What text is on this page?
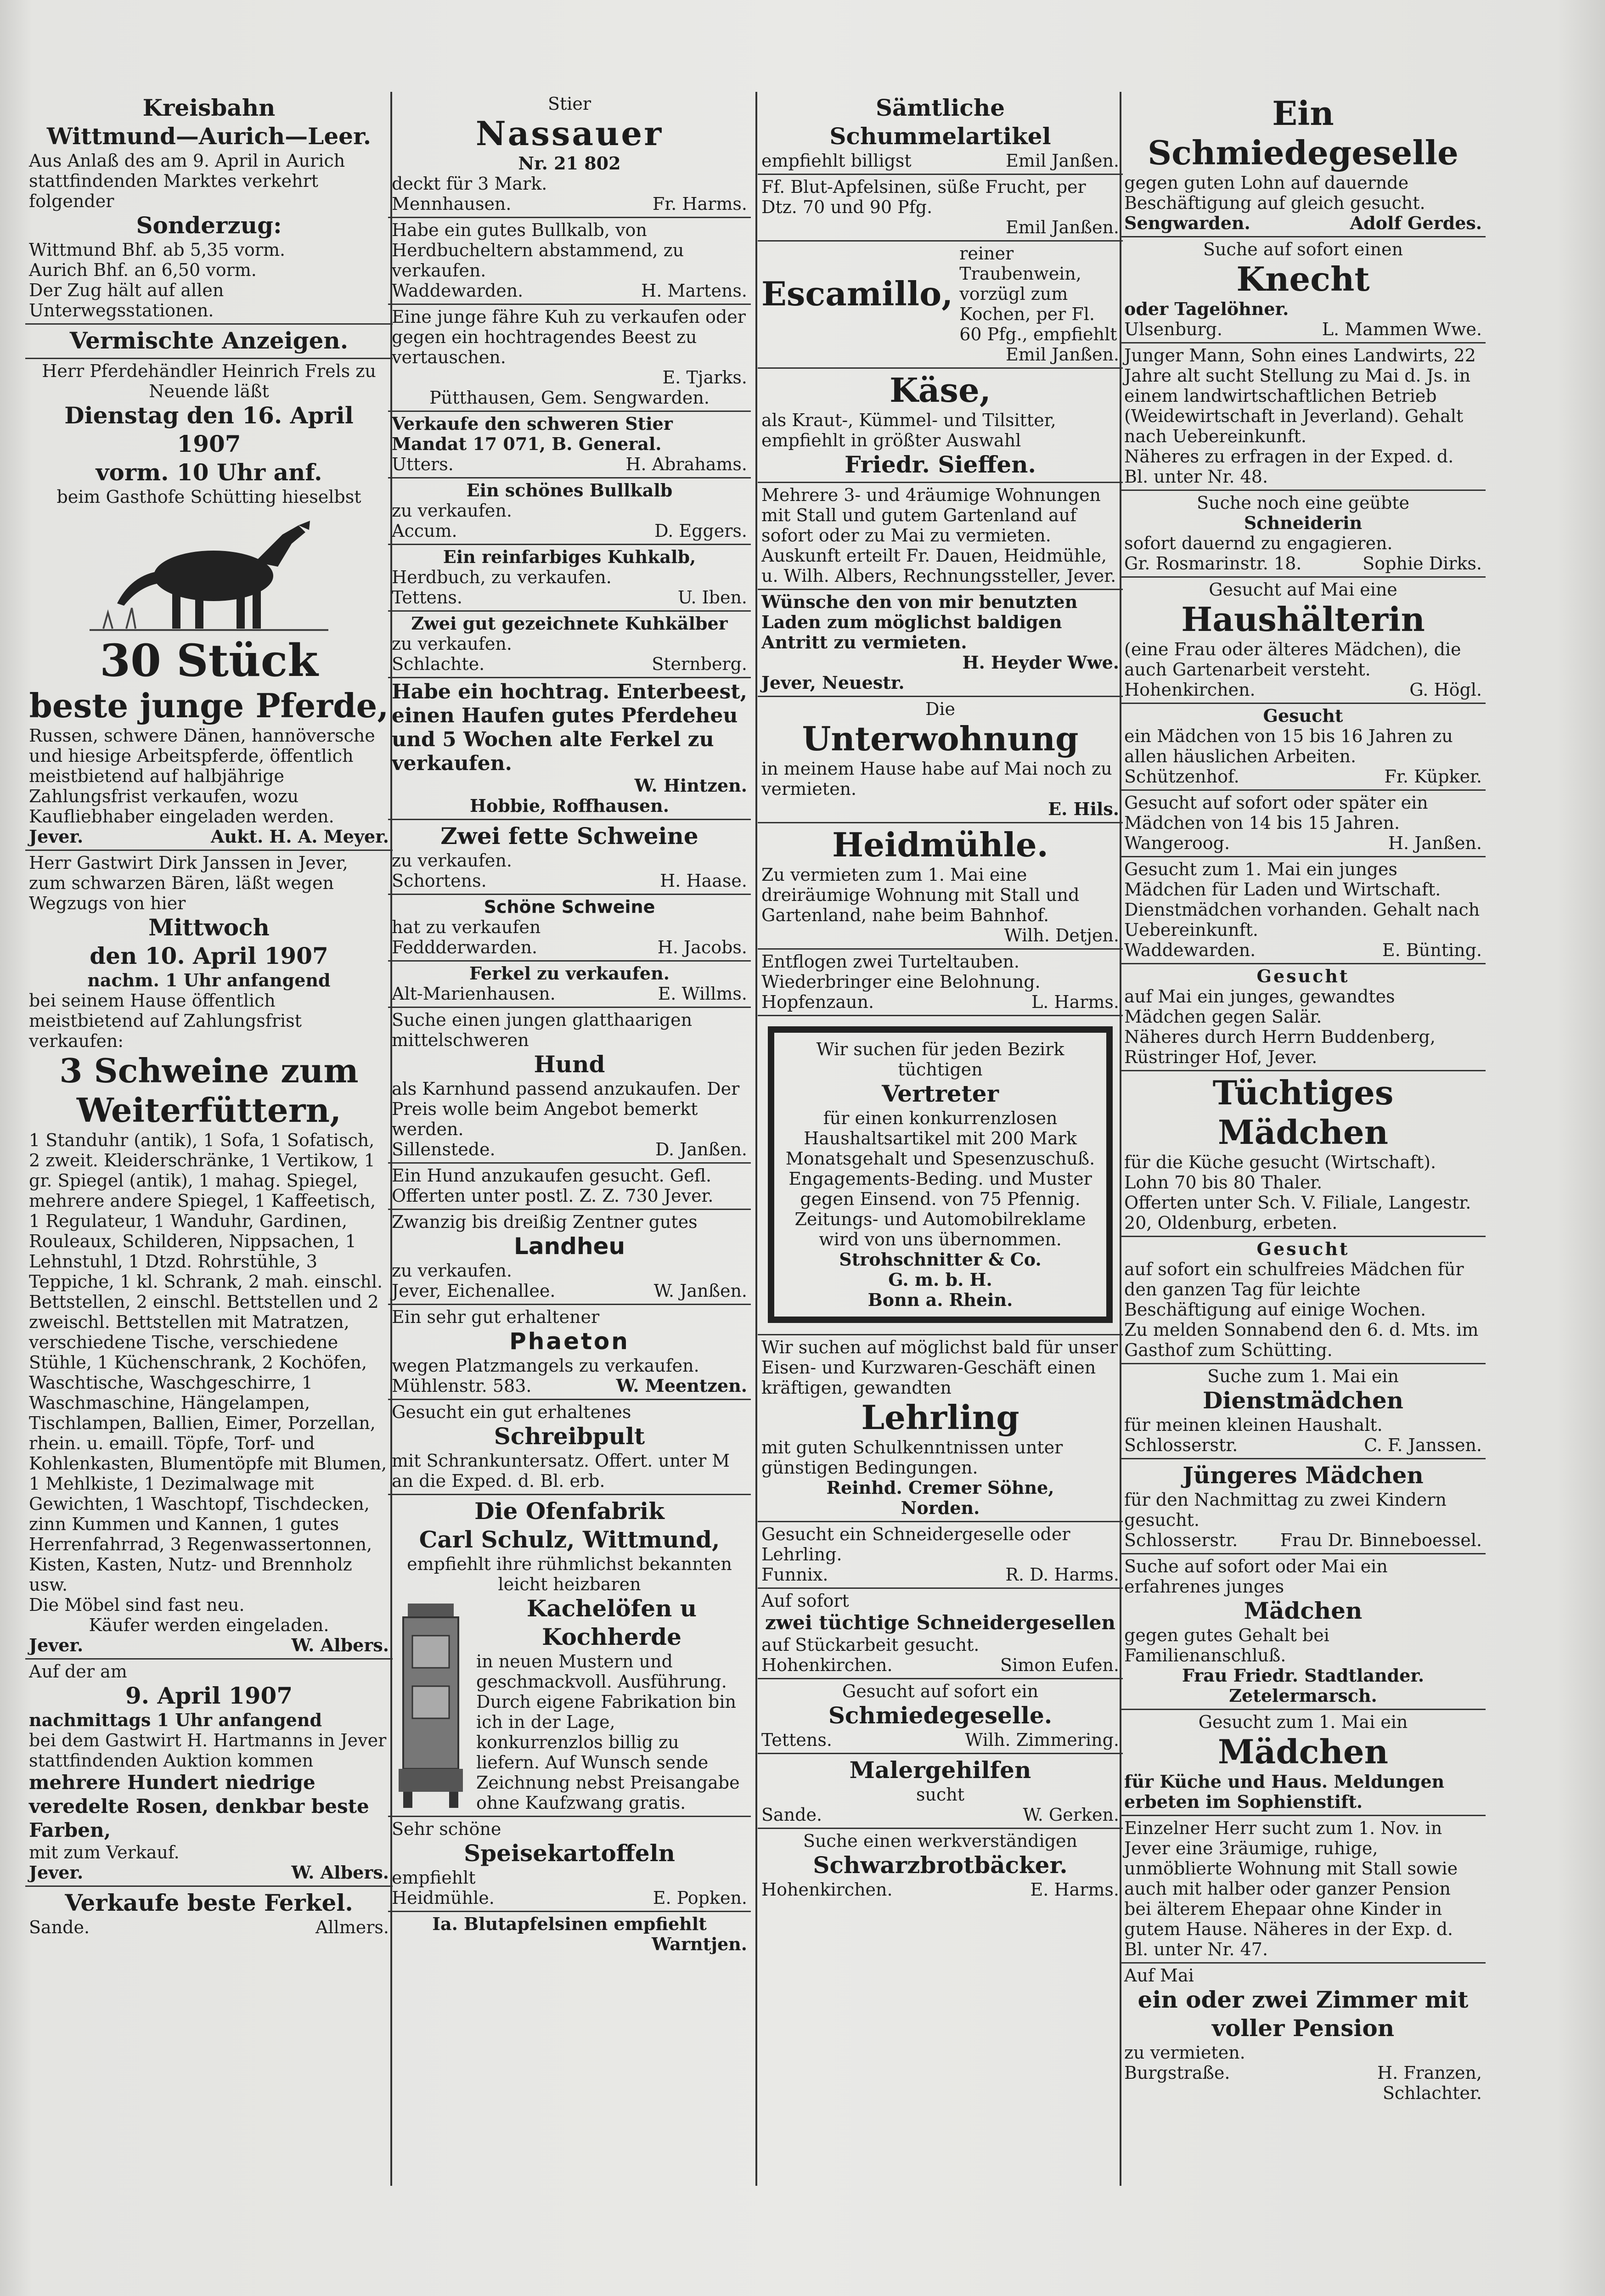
Kreisbahn
Wittmund—Aurich—Leer.

Aus Anlaß des am 9. April in Aurich stattfindenden Marktes verkehrt folgender

Sonderzug:

Wittmund Bhf. ab 5,35 vorm.

Aurich Bhf. an 6,50 vorm.

Der Zug hält auf allen Unterwegsstationen.

Vermischte Anzeigen.

Herr Pferdehändler Heinrich Frels zu Neuende läßt

Dienstag den 16. April
1907
vorm. 10 Uhr anf.

beim Gasthofe Schütting hieselbst

30 Stück
beste junge Pferde,

Russen, schwere Dänen, hannöversche und hiesige Arbeitspferde, öffentlich meistbietend auf halbjährige Zahlungsfrist verkaufen, wozu Kaufliebhaber eingeladen werden.

Jever.	Aukt. H. A. Meyer.

Herr Gastwirt Dirk Janssen in Jever, zum schwarzen Bären, läßt wegen Wegzugs von hier

Mittwoch
den 10. April 1907

nachm. 1 Uhr anfangend

bei seinem Hause öffentlich meistbietend auf Zahlungsfrist verkaufen:

3 Schweine zum Weiterfüttern,

1 Standuhr (antik), 1 Sofa, 1 Sofatisch, 2 zweit. Kleiderschränke, 1 Vertikow, 1 gr. Spiegel (antik), 1 mahag. Spiegel, mehrere andere Spiegel, 1 Kaffeetisch, 1 Regulateur, 1 Wanduhr, Gardinen, Rouleaux, Schilderen, Nippsachen, 1 Lehnstuhl, 1 Dtzd. Rohrstühle, 3 Teppiche, 1 kl. Schrank, 2 mah. einschl. Bettstellen, 2 einschl. Bettstellen und 2 zweischl. Bettstellen mit Matratzen, verschiedene Tische, verschiedene Stühle, 1 Küchenschrank, 2 Kochöfen, Waschtische, Waschgeschirre, 1 Waschmaschine, Hängelampen, Tischlampen, Ballien, Eimer, Porzellan, rhein. u. emaill. Töpfe, Torf- und Kohlenkasten, Blumentöpfe mit Blumen, 1 Mehlkiste, 1 Dezimalwage mit Gewichten, 1 Waschtopf, Tischdecken, zinn Kummen und Kannen, 1 gutes Herrenfahrrad, 3 Regenwassertonnen, Kisten, Kasten, Nutz- und Brennholz usw.

Die Möbel sind fast neu.

Käufer werden eingeladen.

Jever.	W. Albers.

Auf der am

9. April 1907

nachmittags 1 Uhr anfangend

bei dem Gastwirt H. Hartmanns in Jever stattfindenden Auktion kommen

mehrere Hundert niedrige veredelte Rosen, denkbar beste Farben,

mit zum Verkauf.

Jever.	W. Albers.
Verkaufe beste Ferkel.
Sande.	Allmers.

Stier

Nassauer

Nr. 21 802

deckt für 3 Mark.

Mennhausen.	Fr. Harms.

Habe ein gutes Bullkalb, von Herdbucheltern abstammend, zu verkaufen.

Waddewarden.	H. Martens.

Eine junge fähre Kuh zu verkaufen oder gegen ein hochtragendes Beest zu vertauschen.

E. Tjarks.

Pütthausen, Gem. Sengwarden.

Verkaufe den schweren Stier Mandat 17 071, B. General.

Utters.	H. Abrahams.

Ein schönes Bullkalb

zu verkaufen.

Accum.	D. Eggers.

Ein reinfarbiges Kuhkalb,

Herdbuch, zu verkaufen.

Tettens.	U. Iben.

Zwei gut gezeichnete Kuhkälber

zu verkaufen.

Schlachte.	Sternberg.

Habe ein hochtrag. Enterbeest, einen Haufen gutes Pferdeheu und 5 Wochen alte Ferkel zu verkaufen.

W. Hintzen.

Hobbie, Roffhausen.

Zwei fette Schweine

zu verkaufen.

Schortens.	H. Haase.

Schöne Schweine

hat zu verkaufen

Feddderwarden.	H. Jacobs.

Ferkel zu verkaufen.

Alt-Marienhausen.	E. Willms.

Suche einen jungen glatthaarigen mittelschweren

Hund

als Karnhund passend anzukaufen. Der Preis wolle beim Angebot bemerkt werden.

Sillenstede.	D. Janßen.

Ein Hund anzukaufen gesucht. Gefl. Offerten unter postl. Z. Z. 730 Jever.

Zwanzig bis dreißig Zentner gutes

Landheu

zu verkaufen.

Jever, Eichenallee.	W. Janßen.

Ein sehr gut erhaltener

Phaeton

wegen Platzmangels zu verkaufen.

Mühlenstr. 583.	W. Meentzen.

Gesucht ein gut erhaltenes

Schreibpult

mit Schrankuntersatz. Offert. unter M an die Exped. d. Bl. erb.

Die Ofenfabrik
Carl Schulz, Wittmund,

empfiehlt ihre rühmlichst bekannten leicht heizbaren

Kachelöfen u Kochherde

in neuen Mustern und geschmackvoll. Ausführung. Durch eigene Fabrikation bin ich in der Lage, konkurrenzlos billig zu liefern. Auf Wunsch sende Zeichnung nebst Preisangabe ohne Kaufzwang gratis.

Sehr schöne

Speisekartoffeln

empfiehlt

Heidmühle.	E. Popken.

Ia. Blutapfelsinen empfiehlt

Warntjen.

Sämtliche Schummelartikel
empfiehlt billigst	Emil Janßen.

Ff. Blut-Apfelsinen, süße Frucht, per Dtz. 70 und 90 Pfg.

Emil Janßen.

Escamillo,
reiner Traubenwein, vorzügl zum Kochen, per Fl. 60 Pfg., empfiehlt

Emil Janßen.

Käse,

als Kraut-, Kümmel- und Tilsitter, empfiehlt in größter Auswahl

Friedr. Sieffen.

Mehrere 3- und 4räumige Wohnungen mit Stall und gutem Gartenland auf sofort oder zu Mai zu vermieten.

Auskunft erteilt Fr. Dauen, Heidmühle, u. Wilh. Albers, Rechnungssteller, Jever.

Wünsche den von mir benutzten Laden zum möglichst baldigen Antritt zu vermieten.

H. Heyder Wwe.

Jever, Neuestr.

Die

Unterwohnung

in meinem Hause habe auf Mai noch zu vermieten.

E. Hils.

Heidmühle.

Zu vermieten zum 1. Mai eine dreiräumige Wohnung mit Stall und Gartenland, nahe beim Bahnhof.

Wilh. Detjen.

Entflogen zwei Turteltauben. Wiederbringer eine Belohnung.

Hopfenzaun.	L. Harms.

Wir suchen für jeden Bezirk tüchtigen

Vertreter

für einen konkurrenzlosen Haushaltsartikel mit 200 Mark Monatsgehalt und Spesenzuschuß. Engagements-Beding. und Muster gegen Einsend. von 75 Pfennig. Zeitungs- und Automobilreklame wird von uns übernommen.

Strohschnitter & Co.

G. m. b. H.

Bonn a. Rhein.

Wir suchen auf möglichst bald für unser Eisen- und Kurzwaren-Geschäft einen kräftigen, gewandten

Lehrling

mit guten Schulkenntnissen unter günstigen Bedingungen.

Reinhd. Cremer Söhne,

Norden.

Gesucht ein Schneidergeselle oder Lehrling.

Funnix.	R. D. Harms.

Auf sofort

zwei tüchtige Schneidergesellen

auf Stückarbeit gesucht.

Hohenkirchen.	Simon Eufen.

Gesucht auf sofort ein

Schmiedegeselle.
Tettens.	Wilh. Zimmering.
Malergehilfen

sucht

Sande.	W. Gerken.

Suche einen werkverständigen

Schwarzbrotbäcker.
Hohenkirchen.	E. Harms.
Ein Schmiedegeselle

gegen guten Lohn auf dauernde Beschäftigung auf gleich gesucht.

Sengwarden.	Adolf Gerdes.

Suche auf sofort einen

Knecht

oder Tagelöhner.

Ulsenburg.	L. Mammen Wwe.

Junger Mann, Sohn eines Landwirts, 22 Jahre alt sucht Stellung zu Mai d. Js. in einem landwirtschaftlichen Betrieb (Weidewirtschaft in Jeverland). Gehalt nach Uebereinkunft.

Näheres zu erfragen in der Exped. d. Bl. unter Nr. 48.

Suche noch eine geübte

Schneiderin

sofort dauernd zu engagieren.

Gr. Rosmarinstr. 18.	Sophie Dirks.

Gesucht auf Mai eine

Haushälterin

(eine Frau oder älteres Mädchen), die auch Gartenarbeit versteht.

Hohenkirchen.	G. Högl.

Gesucht

ein Mädchen von 15 bis 16 Jahren zu allen häuslichen Arbeiten.

Schützenhof.	Fr. Küpker.

Gesucht auf sofort oder später ein Mädchen von 14 bis 15 Jahren.

Wangeroog.	H. Janßen.

Gesucht zum 1. Mai ein junges Mädchen für Laden und Wirtschaft. Dienstmädchen vorhanden. Gehalt nach Uebereinkunft.

Waddewarden.	E. Bünting.

Gesucht

auf Mai ein junges, gewandtes Mädchen gegen Salär.

Näheres durch Herrn Buddenberg, Rüstringer Hof, Jever.

Tüchtiges Mädchen

für die Küche gesucht (Wirtschaft). Lohn 70 bis 80 Thaler.

Offerten unter Sch. V. Filiale, Langestr. 20, Oldenburg, erbeten.

Gesucht

auf sofort ein schulfreies Mädchen für den ganzen Tag für leichte Beschäftigung auf einige Wochen.

Zu melden Sonnabend den 6. d. Mts. im Gasthof zum Schütting.

Suche zum 1. Mai ein

Dienstmädchen

für meinen kleinen Haushalt.

Schlosserstr.	C. F. Janssen.
Jüngeres Mädchen

für den Nachmittag zu zwei Kindern gesucht.

Schlosserstr. Frau Dr. Binneboessel.

Suche auf sofort oder Mai ein erfahrenes junges

Mädchen

gegen gutes Gehalt bei Familienanschluß.

Frau Friedr. Stadtlander.

Zetelermarsch.

Gesucht zum 1. Mai ein

Mädchen

für Küche und Haus. Meldungen erbeten im Sophienstift.

Einzelner Herr sucht zum 1. Nov. in Jever eine 3räumige, ruhige, unmöblierte Wohnung mit Stall sowie auch mit halber oder ganzer Pension bei älterem Ehepaar ohne Kinder in gutem Hause. Näheres in der Exp. d. Bl. unter Nr. 47.

Auf Mai

ein oder zwei Zimmer mit voller Pension

zu vermieten.

Burgstraße.	H. Franzen,

Schlachter.
